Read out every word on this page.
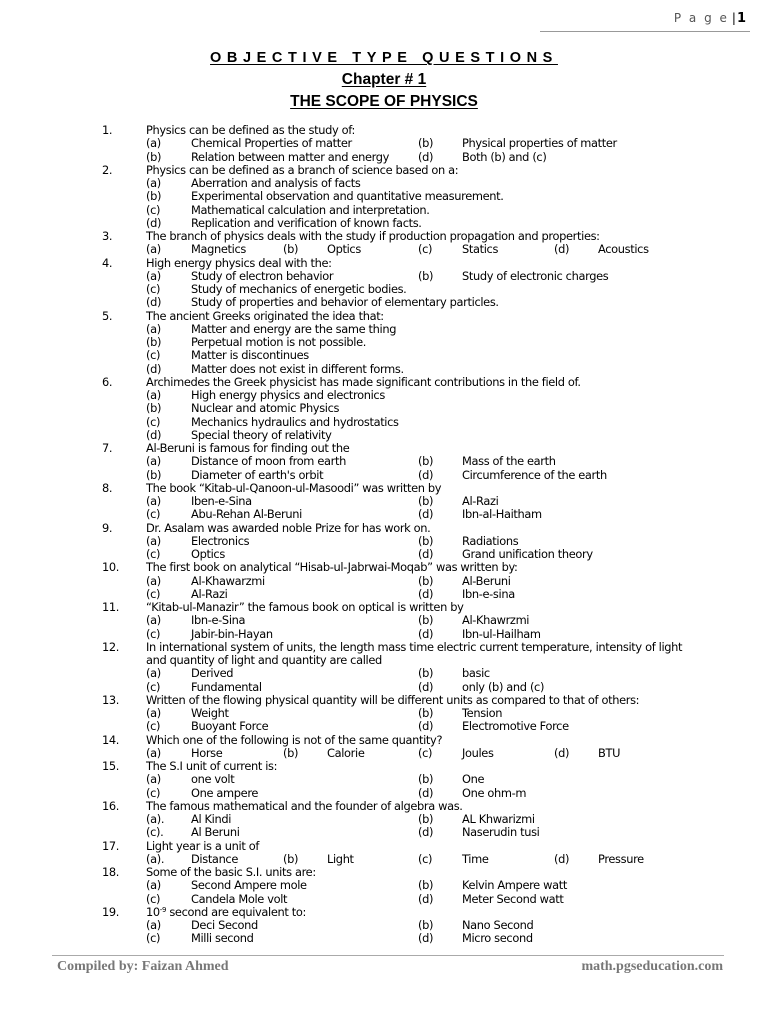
P a g e |1
OBJECTIVE TYPE QUESTIONS
Chapter # 1
THE SCOPE OF PHYSICS
1.	Physics can be defined as the study of:
(a)	Chemical Properties of matter	(b)	Physical properties of matter
(b)	Relation between matter and energy	(d)	Both (b) and (c)
2.	Physics can be defined as a branch of science based on a:
(a)	Aberration and analysis of facts
(b)	Experimental observation and quantitative measurement.
(c)	Mathematical calculation and interpretation.
(d)	Replication and verification of known facts.
3.	The branch of physics deals with the study if production propagation and properties:
(a)	Magnetics	(b)	Optics	(c)	Statics	(d)	Acoustics
4.	High energy physics deal with the:
(a)	Study of electron behavior	(b)	Study of electronic charges
(c)	Study of mechanics of energetic bodies.
(d)	Study of properties and behavior of elementary particles.
5.	The ancient Greeks originated the idea that:
(a)	Matter and energy are the same thing
(b)	Perpetual motion is not possible.
(c)	Matter is discontinues
(d)	Matter does not exist in different forms.
6.	Archimedes the Greek physicist has made significant contributions in the field of.
(a)	High energy physics and electronics
(b)	Nuclear and atomic Physics
(c)	Mechanics hydraulics and hydrostatics
(d)	Special theory of relativity
7.	Al-Beruni is famous for finding out the
(a)	Distance of moon from earth	(b)	Mass of the earth
(b)	Diameter of earth's orbit	(d)	Circumference of the earth
8.	The book “Kitab-ul-Qanoon-ul-Masoodi” was written by
(a)	Iben-e-Sina	(b)	Al-Razi
(c)	Abu-Rehan Al-Beruni	(d)	Ibn-al-Haitham
9.	Dr. Asalam was awarded noble Prize for has work on.
(a)	Electronics	(b)	Radiations
(c)	Optics	(d)	Grand unification theory
10. The first book on analytical “Hisab-ul-Jabrwai-Moqab” was written by:
(a)	Al-Khawarzmi	(b)	Al-Beruni
(c)	Al-Razi	(d)	Ibn-e-sina
11. “Kitab-ul-Manazir” the famous book on optical is written by
(a)	Ibn-e-Sina	(b)	Al-Khawrzmi
(c)	Jabir-bin-Hayan	(d)	Ibn-ul-Hailham
12. In international system of units, the length mass time electric current temperature, intensity of light
and quantity of light and quantity are called
(a)	Derived	(b)	basic
(c)	Fundamental	(d)	only (b) and (c)
13. Written of the flowing physical quantity will be different units as compared to that of others:
(a)	Weight	(b)	Tension
(c)	Buoyant Force	(d)	Electromotive Force
14. Which one of the following is not of the same quantity?
(a)	Horse	(b)	Calorie	(c)	Joules	(d)	BTU
15. The S.I unit of current is:
(a)	one volt	(b)	One
(c)	One ampere	(d)	One ohm-m
16. The famous mathematical and the founder of algebra was.
(a). Al Kindi	(b)	AL Khwarizmi
(c). Al Beruni	(d)	Naserudin tusi
17. Light year is a unit of
(a). Distance	(b)	Light	(c)	Time	(d)	Pressure
18. Some of the basic S.I. units are:
(a)	Second Ampere mole	(b)	Kelvin Ampere watt
(c)	Candela Mole volt	(d)	Meter Second watt
19. $10^{-9}$ second are equivalent to:
(a)	Deci Second	(b)	Nano Second
(c)	Milli second	(d)	Micro second
Compiled by: Faizan Ahmed	math.pgseducation.com
